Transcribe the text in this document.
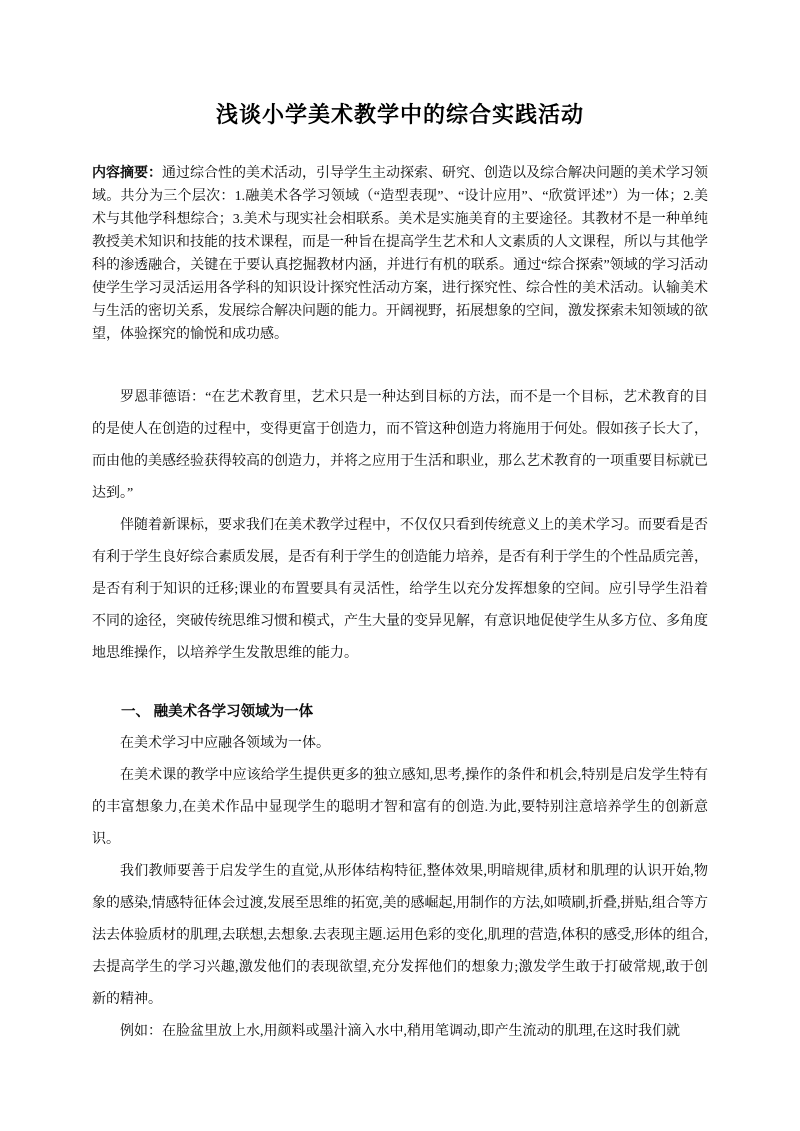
浅谈小学美术教学中的综合实践活动

内容摘要：通过综合性的美术活动，引导学生主动探索、研究、创造以及综合解决问题的美术学习领域。共分为三个层次：1.融美术各学习领域（“造型表现”、“设计应用”、“欣赏评述”）为一体；2.美术与其他学科想综合；3.美术与现实社会相联系。美术是实施美育的主要途径。其教材不是一种单纯教授美术知识和技能的技术课程，而是一种旨在提高学生艺术和人文素质的人文课程，所以与其他学科的渗透融合，关键在于要认真挖掘教材内涵，并进行有机的联系。通过“综合探索”领域的学习活动使学生学习灵活运用各学科的知识设计探究性活动方案，进行探究性、综合性的美术活动。认输美术与生活的密切关系，发展综合解决问题的能力。开阔视野，拓展想象的空间，激发探索未知领域的欲望，体验探究的愉悦和成功感。

罗恩菲德语：“在艺术教育里，艺术只是一种达到目标的方法，而不是一个目标，艺术教育的目的是使人在创造的过程中，变得更富于创造力，而不管这种创造力将施用于何处。假如孩子长大了，而由他的美感经验获得较高的创造力，并将之应用于生活和职业，那么艺术教育的一项重要目标就已达到。”

伴随着新课标，要求我们在美术教学过程中，不仅仅只看到传统意义上的美术学习。而要看是否有利于学生良好综合素质发展，是否有利于学生的创造能力培养，是否有利于学生的个性品质完善，是否有利于知识的迁移;课业的布置要具有灵活性，给学生以充分发挥想象的空间。应引导学生沿着不同的途径，突破传统思维习惯和模式，产生大量的变异见解，有意识地促使学生从多方位、多角度地思维操作，以培养学生发散思维的能力。

一、 融美术各学习领域为一体

在美术学习中应融各领域为一体。

在美术课的教学中应该给学生提供更多的独立感知,思考,操作的条件和机会,特别是启发学生特有的丰富想象力,在美术作品中显现学生的聪明才智和富有的创造.为此,要特别注意培养学生的创新意识。

我们教师要善于启发学生的直觉,从形体结构特征,整体效果,明暗规律,质材和肌理的认识开始,物象的感染,情感特征体会过渡,发展至思维的拓宽,美的感崛起,用制作的方法,如喷刷,折叠,拼贴,组合等方法去体验质材的肌理,去联想,去想象.去表现主题.运用色彩的变化,肌理的营造,体积的感受,形体的组合,去提高学生的学习兴趣,激发他们的表现欲望,充分发挥他们的想象力;激发学生敢于打破常规,敢于创新的精神。

例如：在脸盆里放上水,用颜料或墨汁滴入水中,稍用笔调动,即产生流动的肌理,在这时我们就
